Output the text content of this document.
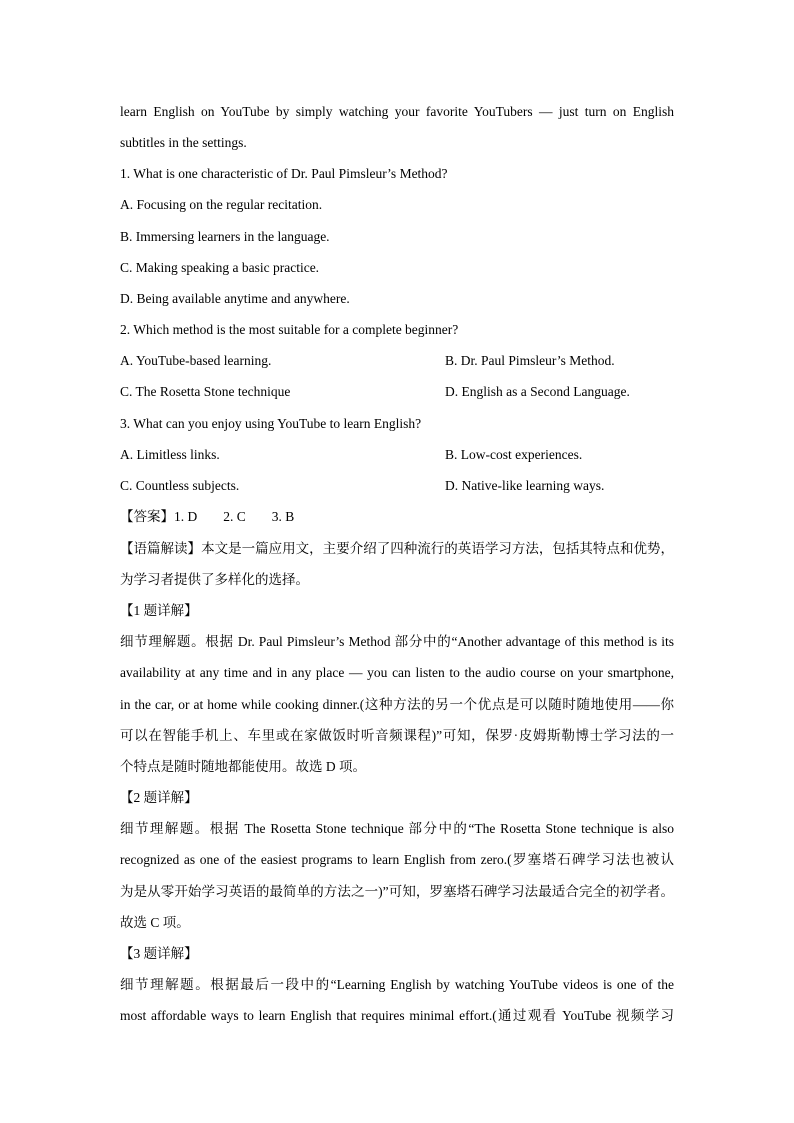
learn English on YouTube by simply watching your favorite YouTubers — just turn on English
subtitles in the settings.
1. What is one characteristic of Dr. Paul Pimsleur’s Method?
A. Focusing on the regular recitation.
B. Immersing learners in the language.
C. Making speaking a basic practice.
D. Being available anytime and anywhere.
2. Which method is the most suitable for a complete beginner?
A. YouTube-based learning.	B. Dr. Paul Pimsleur’s Method.
C. The Rosetta Stone technique	D. English as a Second Language.
3. What can you enjoy using YouTube to learn English?
A. Limitless links.	B. Low-cost experiences.
C. Countless subjects.	D. Native-like learning ways.
【答案】1. D 2. C 3. B
【语篇解读】本文是一篇应用文，主要介绍了四种流行的英语学习方法，包括其特点和优势，
为学习者提供了多样化的选择。
【1 题详解】
细节理解题。根据 Dr. Paul Pimsleur’s Method 部分中的“Another advantage of this method is its
availability at any time and in any place — you can listen to the audio course on your smartphone,
in the car, or at home while cooking dinner.(这种方法的另一个优点是可以随时随地使用——你
可以在智能手机上、车里或在家做饭时听音频课程)”可知，保罗·皮姆斯勒博士学习法的一
个特点是随时随地都能使用。故选 D 项。
【2 题详解】
细节理解题。根据 The Rosetta Stone technique 部分中的“The Rosetta Stone technique is also
recognized as one of the easiest programs to learn English from zero.(罗塞塔石碑学习法也被认
为是从零开始学习英语的最简单的方法之一)”可知，罗塞塔石碑学习法最适合完全的初学者。
故选 C 项。
【3 题详解】
细节理解题。根据最后一段中的“Learning English by watching YouTube videos is one of the
most affordable ways to learn English that requires minimal effort.(通过观看 YouTube 视频学习
